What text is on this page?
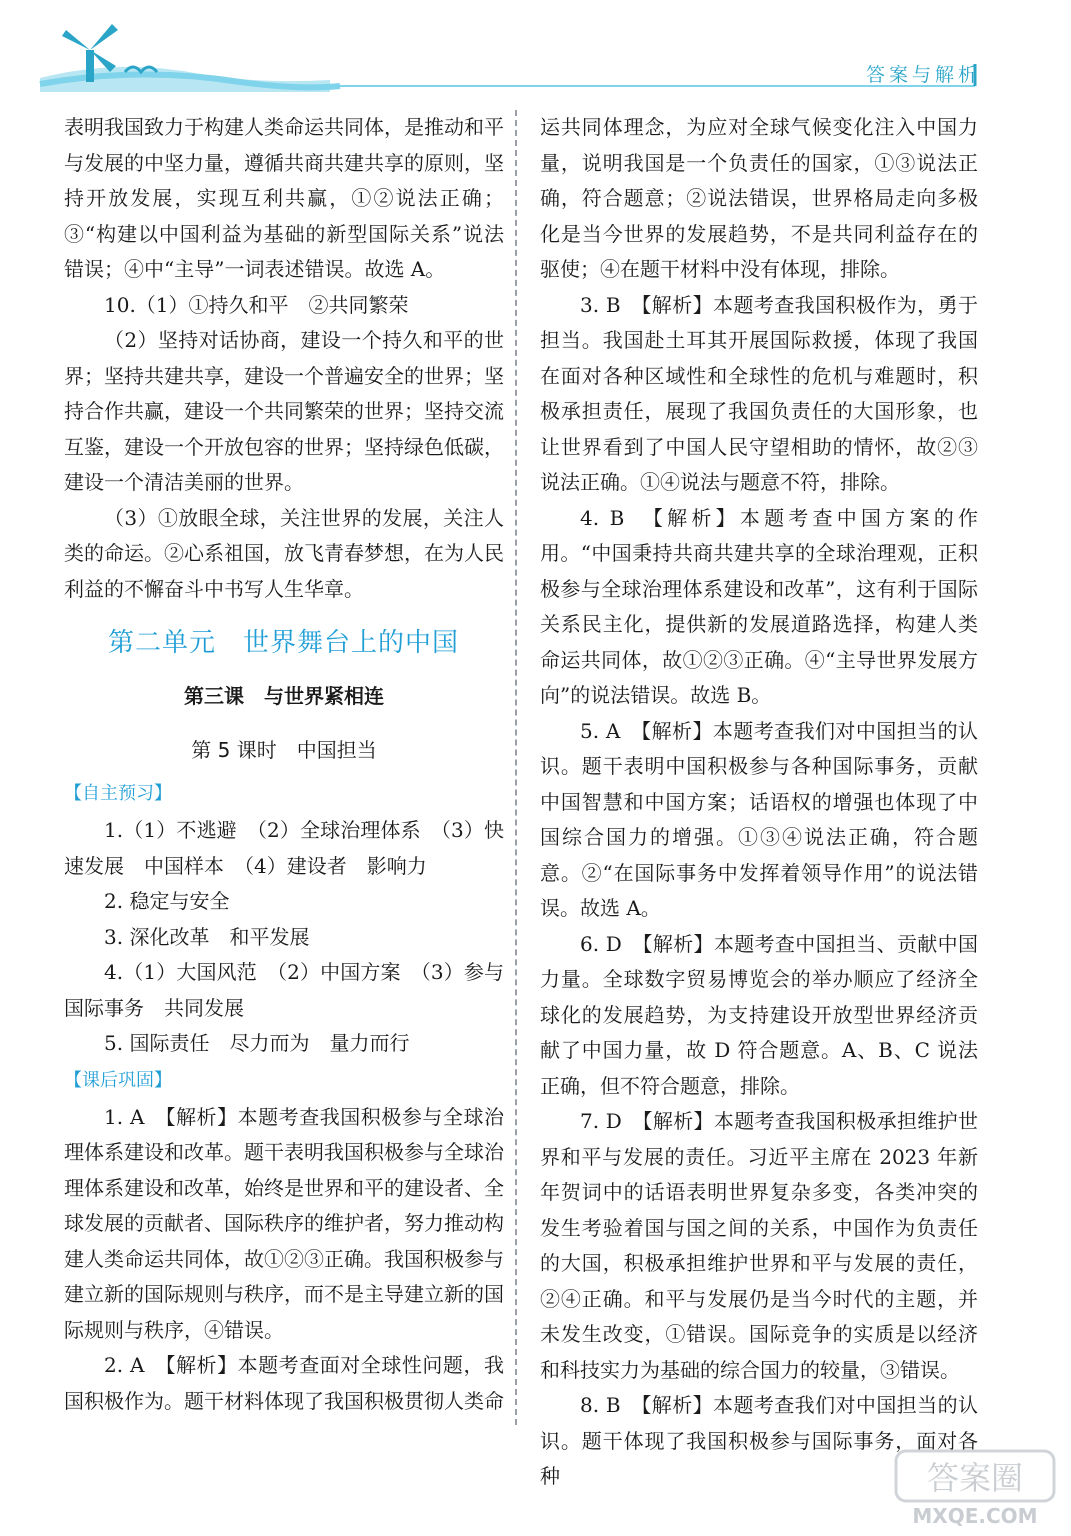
答案与解析

表明我国致力于构建人类命运共同体，是推动和平与发展的中坚力量，遵循共商共建共享的原则，坚持开放发展，实现互利共赢，①②说法正确；③“构建以中国利益为基础的新型国际关系”说法错误；④中“主导”一词表述错误。故选 A。

10.（1）①持久和平　②共同繁荣

（2）坚持对话协商，建设一个持久和平的世界；坚持共建共享，建设一个普遍安全的世界；坚持合作共赢，建设一个共同繁荣的世界；坚持交流互鉴，建设一个开放包容的世界；坚持绿色低碳，建设一个清洁美丽的世界。

（3）①放眼全球，关注世界的发展，关注人类的命运。②心系祖国，放飞青春梦想，在为人民利益的不懈奋斗中书写人生华章。

第二单元　世界舞台上的中国
第三课　与世界紧相连
第 5 课时　中国担当
【自主预习】

1.（1）不逃避　（2）全球治理体系　（3）快速发展　中国样本　（4）建设者　影响力

2. 稳定与安全

3. 深化改革　和平发展

4.（1）大国风范　（2）中国方案　（3）参与国际事务　共同发展

5. 国际责任　尽力而为　量力而行

【课后巩固】

1. A　【解析】本题考查我国积极参与全球治理体系建设和改革。题干表明我国积极参与全球治理体系建设和改革，始终是世界和平的建设者、全球发展的贡献者、国际秩序的维护者，努力推动构建人类命运共同体，故①②③正确。我国积极参与建立新的国际规则与秩序，而不是主导建立新的国际规则与秩序，④错误。

2. A　【解析】本题考查面对全球性问题，我国积极作为。题干材料体现了我国积极贯彻人类命

运共同体理念，为应对全球气候变化注入中国力量，说明我国是一个负责任的国家，①③说法正确，符合题意；②说法错误，世界格局走向多极化是当今世界的发展趋势，不是共同利益存在的驱使；④在题干材料中没有体现，排除。

3. B　【解析】本题考查我国积极作为，勇于担当。我国赴土耳其开展国际救援，体现了我国在面对各种区域性和全球性的危机与难题时，积极承担责任，展现了我国负责任的大国形象，也让世界看到了中国人民守望相助的情怀，故②③说法正确。①④说法与题意不符，排除。

4. B　【解析】本题考查中国方案的作用。“中国秉持共商共建共享的全球治理观，正积极参与全球治理体系建设和改革”，这有利于国际关系民主化，提供新的发展道路选择，构建人类命运共同体，故①②③正确。④“主导世界发展方向”的说法错误。故选 B。

5. A　【解析】本题考查我们对中国担当的认识。题干表明中国积极参与各种国际事务，贡献中国智慧和中国方案；话语权的增强也体现了中国综合国力的增强。①③④说法正确，符合题意。②“在国际事务中发挥着领导作用”的说法错误。故选 A。

6. D　【解析】本题考查中国担当、贡献中国力量。全球数字贸易博览会的举办顺应了经济全球化的发展趋势，为支持建设开放型世界经济贡献了中国力量，故 D 符合题意。A、B、C 说法正确，但不符合题意，排除。

7. D　【解析】本题考查我国积极承担维护世界和平与发展的责任。习近平主席在 2023 年新年贺词中的话语表明世界复杂多变，各类冲突的发生考验着国与国之间的关系，中国作为负责任的大国，积极承担维护世界和平与发展的责任，②④正确。和平与发展仍是当今时代的主题，并未发生改变，①错误。国际竞争的实质是以经济和科技实力为基础的综合国力的较量，③错误。

8. B　【解析】本题考查我们对中国担当的认识。题干体现了我国积极参与国际事务，面对各种	答案圈
MXQE.COM
